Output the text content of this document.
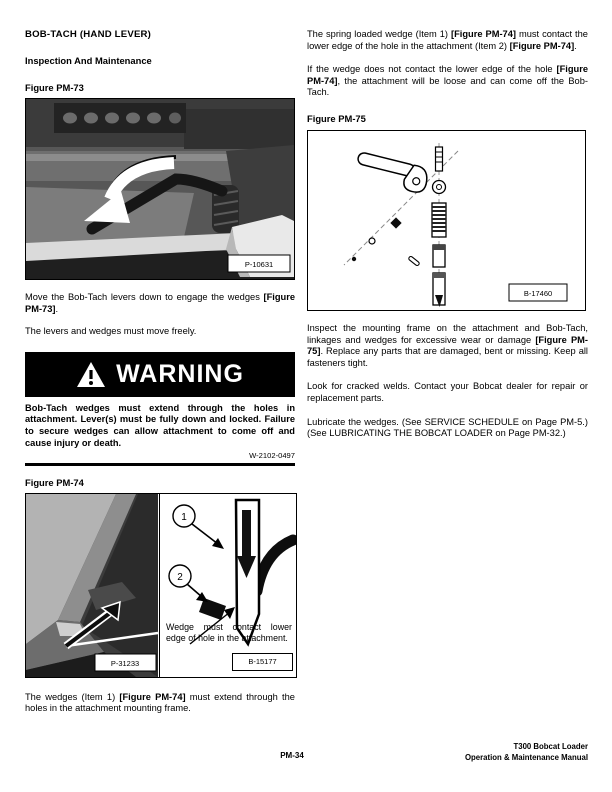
BOB-TACH (HAND LEVER)
Inspection And Maintenance

Figure PM-73

P-10631

Move the Bob-Tach levers down to engage the wedges [Figure PM-73].

The levers and wedges must move freely.

WARNING

Bob-Tach wedges must extend through the holes in attachment. Lever(s) must be fully down and locked. Failure to secure wedges can allow attachment to come off and cause injury or death.

W-2102-0497

Figure PM-74

P-31233
1
2
Wedge must contact lower edge of hole in the attachment.
B-15177

The wedges (Item 1) [Figure PM-74] must extend through the holes in the attachment mounting frame.

The spring loaded wedge (Item 1) [Figure PM-74] must contact the lower edge of the hole in the attachment (Item 2) [Figure PM-74].

If the wedge does not contact the lower edge of the hole [Figure PM-74], the attachment will be loose and can come off the Bob-Tach.

Figure PM-75

B-17460

Inspect the mounting frame on the attachment and Bob-Tach, linkages and wedges for excessive wear or damage [Figure PM-75]. Replace any parts that are damaged, bent or missing. Keep all fasteners tight.

Look for cracked welds. Contact your Bobcat dealer for repair or replacement parts.

Lubricate the wedges. (See SERVICE SCHEDULE on Page PM-5.) (See LUBRICATING THE BOBCAT LOADER on Page PM-32.)

PM-34
T300 Bobcat Loader
Operation & Maintenance Manual
